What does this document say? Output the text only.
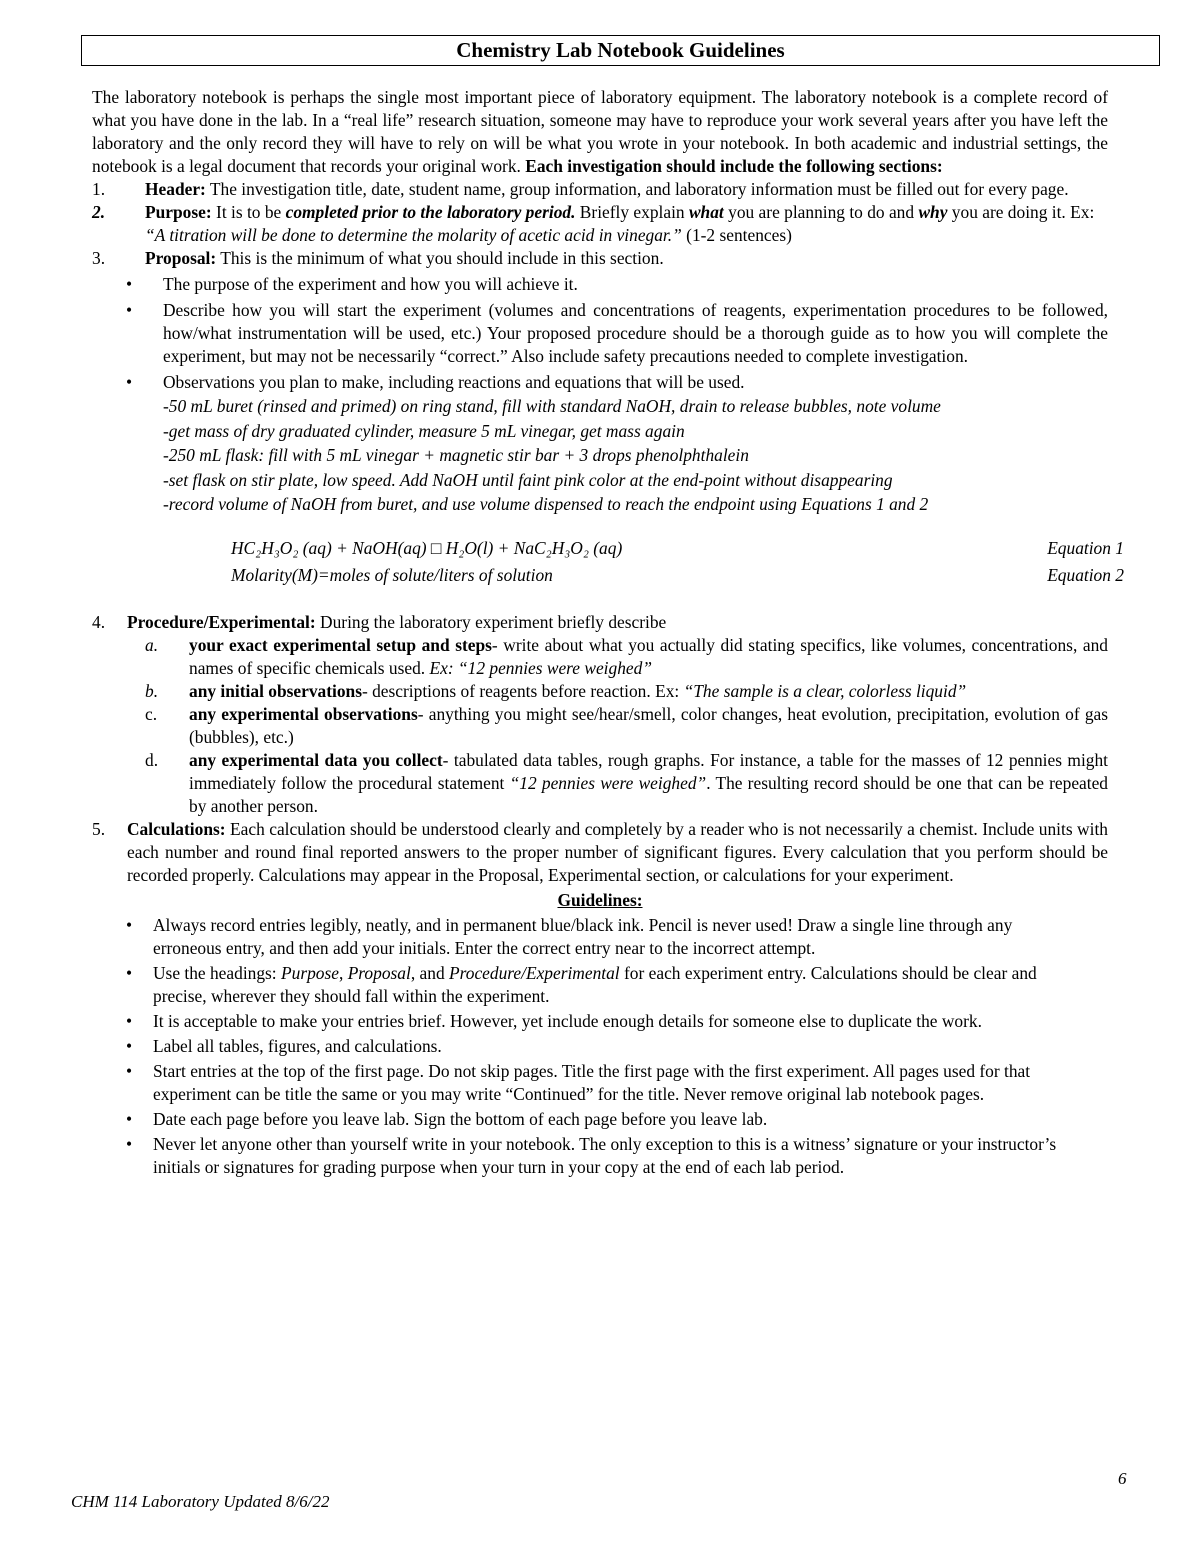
Chemistry Lab Notebook Guidelines

The laboratory notebook is perhaps the single most important piece of laboratory equipment. The laboratory notebook is a complete record of what you have done in the lab. In a “real life” research situation, someone may have to reproduce your work several years after you have left the laboratory and the only record they will have to rely on will be what you wrote in your notebook. In both academic and industrial settings, the notebook is a legal document that records your original work. Each investigation should include the following sections:

1. Header: The investigation title, date, student name, group information, and laboratory information must be filled out for every page.
2. Purpose: It is to be completed prior to the laboratory period. Briefly explain what you are planning to do and why you are doing it. Ex: “A titration will be done to determine the molarity of acetic acid in vinegar.” (1-2 sentences)
3. Proposal: This is the minimum of what you should include in this section.
• The purpose of the experiment and how you will achieve it.
• Describe how you will start the experiment (volumes and concentrations of reagents, experimentation procedures to be followed, how/what instrumentation will be used, etc.) Your proposed procedure should be a thorough guide as to how you will complete the experiment, but may not be necessarily “correct.” Also include safety precautions needed to complete investigation.
• Observations you plan to make, including reactions and equations that will be used.
-50 mL buret (rinsed and primed) on ring stand, fill with standard NaOH, drain to release bubbles, note volume
-get mass of dry graduated cylinder, measure 5 mL vinegar, get mass again
-250 mL flask: fill with 5 mL vinegar + magnetic stir bar + 3 drops phenolphthalein
-set flask on stir plate, low speed. Add NaOH until faint pink color at the end-point without disappearing
-record volume of NaOH from buret, and use volume dispensed to reach the endpoint using Equations 1 and 2
HC₂H₃O₂ (aq) + NaOH(aq) □ H₂O(l) + NaC₂H₃O₂ (aq)	Equation 1
Molarity(M)=moles of solute/liters of solution	Equation 2
4. Procedure/Experimental: During the laboratory experiment briefly describe
a. your exact experimental setup and steps- write about what you actually did stating specifics, like volumes, concentrations, and names of specific chemicals used. Ex: “12 pennies were weighed”
b. any initial observations- descriptions of reagents before reaction. Ex: “The sample is a clear, colorless liquid”
c. any experimental observations- anything you might see/hear/smell, color changes, heat evolution, precipitation, evolution of gas (bubbles), etc.)
d. any experimental data you collect- tabulated data tables, rough graphs. For instance, a table for the masses of 12 pennies might immediately follow the procedural statement “12 pennies were weighed”. The resulting record should be one that can be repeated by another person.
5. Calculations: Each calculation should be understood clearly and completely by a reader who is not necessarily a chemist. Include units with each number and round final reported answers to the proper number of significant figures. Every calculation that you perform should be recorded properly. Calculations may appear in the Proposal, Experimental section, or calculations for your experiment.
Guidelines:
• Always record entries legibly, neatly, and in permanent blue/black ink. Pencil is never used! Draw a single line through any erroneous entry, and then add your initials. Enter the correct entry near to the incorrect attempt.
• Use the headings: Purpose, Proposal, and Procedure/Experimental for each experiment entry. Calculations should be clear and precise, wherever they should fall within the experiment.
• It is acceptable to make your entries brief. However, yet include enough details for someone else to duplicate the work.
• Label all tables, figures, and calculations.
• Start entries at the top of the first page. Do not skip pages. Title the first page with the first experiment. All pages used for that experiment can be title the same or you may write “Continued” for the title. Never remove original lab notebook pages.
• Date each page before you leave lab. Sign the bottom of each page before you leave lab.
• Never let anyone other than yourself write in your notebook. The only exception to this is a witness’ signature or your instructor’s initials or signatures for grading purpose when your turn in your copy at the end of each lab period.
6
CHM 114 Laboratory Updated 8/6/22
